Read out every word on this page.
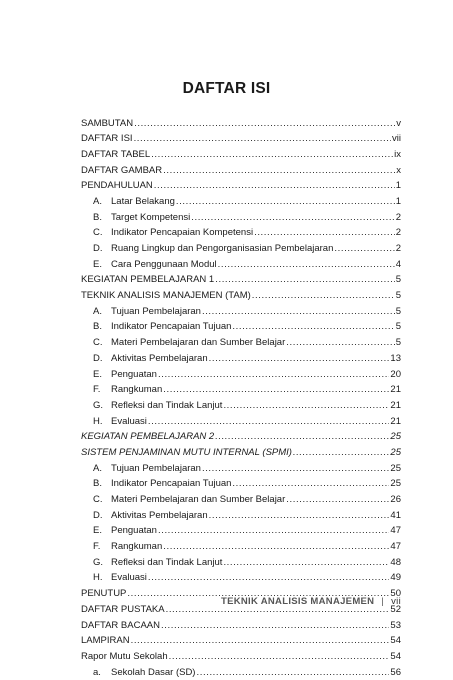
DAFTAR ISI
SAMBUTAN .....	v
DAFTAR ISI .....	vii
DAFTAR TABEL .....	ix
DAFTAR GAMBAR .....	x
PENDAHULUAN .....	1
A. Latar Belakang .....	1
B. Target Kompetensi .....	2
C. Indikator Pencapaian Kompetensi .....	2
D. Ruang Lingkup dan Pengorganisasian Pembelajaran .....	2
E. Cara Penggunaan Modul .....	4
KEGIATAN PEMBELAJARAN 1 .....	5
TEKNIK ANALISIS MANAJEMEN (TAM) .....	5
A. Tujuan Pembelajaran .....	5
B. Indikator Pencapaian Tujuan .....	5
C. Materi Pembelajaran dan Sumber Belajar .....	5
D. Aktivitas Pembelajaran .....	13
E. Penguatan .....	20
F.	Rangkuman .....	21
G. Refleksi dan Tindak Lanjut .....	21
H. Evaluasi .....	21
KEGIATAN PEMBELAJARAN 2 .....	25
SISTEM PENJAMINAN MUTU INTERNAL (SPMI) .....	25
A. Tujuan Pembelajaran .....	25
B. Indikator Pencapaian Tujuan .....	25
C. Materi Pembelajaran dan Sumber Belajar .....	26
D. Aktivitas Pembelajaran .....	41
E. Penguatan .....	47
F.	Rangkuman .....	47
G. Refleksi dan Tindak Lanjut .....	48
H. Evaluasi .....	49
PENUTUP .....	50
DAFTAR PUSTAKA .....	52
DAFTAR BACAAN .....	53
LAMPIRAN .....	54
Rapor Mutu Sekolah .....	54
a.	Sekolah Dasar (SD) .....	56
TEKNIK ANALISIS MANAJEMEN | vii
